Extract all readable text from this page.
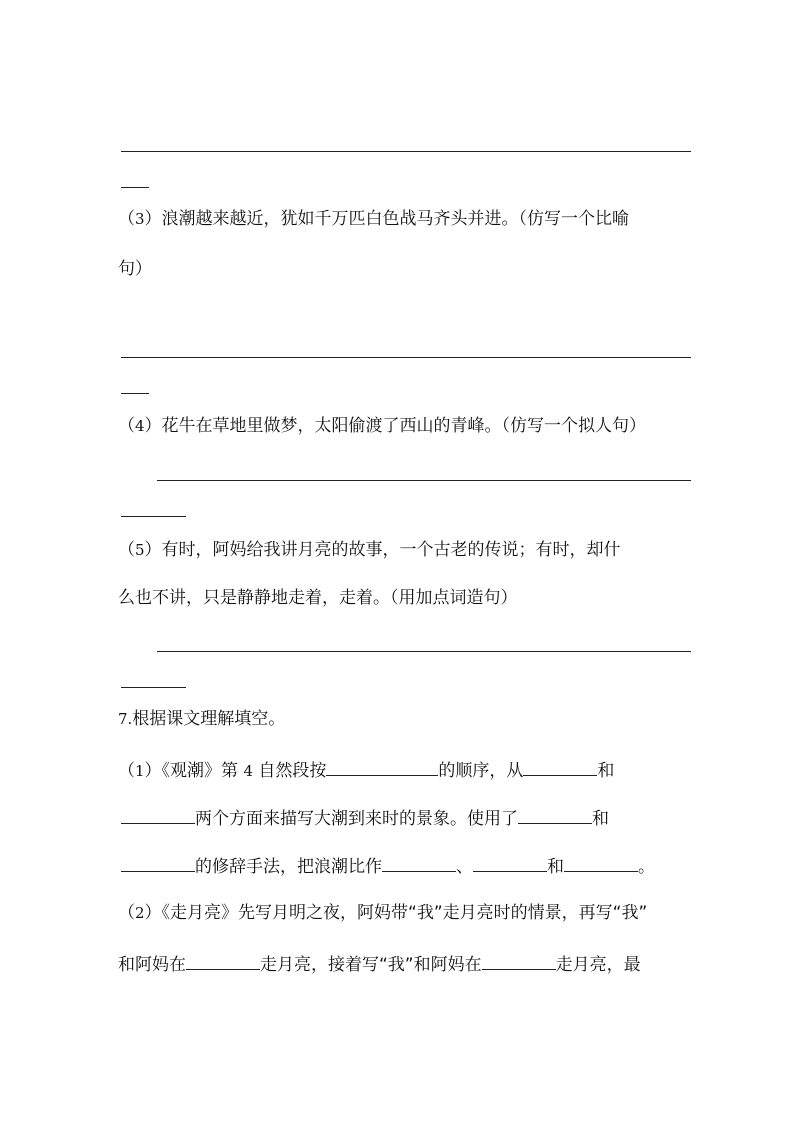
（3）浪潮越来越近，犹如千万匹白色战马齐头并进。（仿写一个比喻
句）
（4）花牛在草地里做梦，太阳偷渡了西山的青峰。（仿写一个拟人句）
（5）有时，阿妈给我讲月亮的故事，一个古老的传说；有时，却什
么也不讲，只是静静地走着，走着。（用加点词造句）
7.根据课文理解填空。
（1）《观潮》第 4 自然段按	的顺序，从	和
两个方面来描写大潮到来时的景象。使用了	和
的修辞手法，把浪潮比作	、	和	。
（2）《走月亮》先写月明之夜，阿妈带“我”走月亮时的情景，再写“我”
和阿妈在	走月亮，接着写“我”和阿妈在	走月亮，最
